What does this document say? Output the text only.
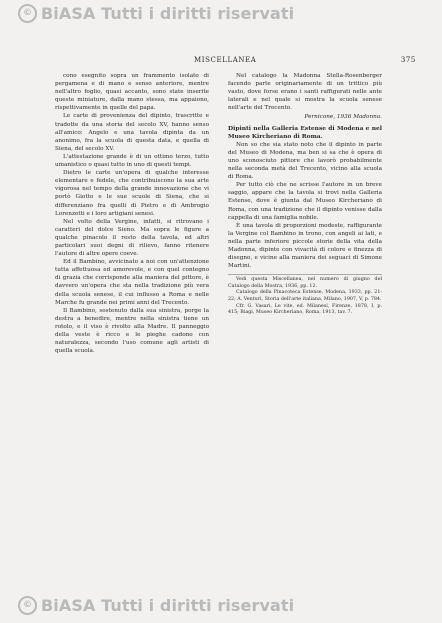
© BiASA Tutti i diritti riservati
MISCELLANEA	375

cono esegnito sopra un frammento isolato di pergamena e di mano e senso anteriore, mentre nell'altro foglio, quasi accanto, sono state inserite queste miniature, dalla mano stessa, ma appaiono, rispettivamente in quelle del papa.

Le carte di provenienza del dipinto, trascritte e tradotte da una storia del secolo XV, hanno senso all'amico: Angelo e una tavola dipinta da un anonimo, fra la scuola di questa data, e quella di Siena, del secolo XV.

L'attestazione grande è di un ottimo terzo, tutto umanistico o quasi tutto in uno di questi tempi.

Dietro le carte un'opera di qualche interesse elementare e fedele, che contribuiscono la sua arte vigorosa nel tempo della grande innovazione che vi portò Giotto e le sue scuole di Siena, che si differenziano fra quelli di Pietro e di Ambrogio Lorenzetti e i loro artigiani senesi.

Nel volto della Vergine, infatti, si ritrovano i caratteri del dolce Sieno. Ma sopra le figure a qualche pinacolo il resto della tavola, ed altri particolari suoi degni di rilievo, fanno ritenere l'autore di altre opere coeve.

Ed il Bambino, avvicinato a noi con un'attenzione tutta affettuosa ed amorevole, e con quel contegno di grazia che corrisponde alla maniera del pittore, è davvero un'opera che sta nella tradizione più vera della scuola senese, il cui influsso a Roma e nelle Marche fu grande nei primi anni del Trecento.

Il Bambino, sostenuto dalla sua sinistra, porge la destra a benedire, mentre nella sinistra tiene un rotolo, e il viso è rivolto alla Madre. Il panneggio della veste è ricco e le pieghe cadono con naturalezza, secondo l'uso comune agli artisti di quella scuola.

Nel catalogo la Madonna Stella-Rosenberger facendo parte originariamente di un trittico più vasto, dove forse erano i santi raffigurati nelle ante laterali e nel quale si mostra la scuola senese nell'arte del Trecento.

Pernicone, 1936 Madonna.
Dipinti nella Galleria Estense di Modena e nel Museo Kircheriano di Roma.

Non so che sia stato noto che il dipinto in parte del Museo di Modena, ma ben si sa che è opera di uno sconosciuto pittore che lavorò probabilmente nella seconda metà del Trecento, vicino alla scuola di Roma.

Per tutto ciò che ne scrisse l'autore in un breve saggio, appare che la tavola si trovi nella Galleria Estense, dove è giunta dal Museo Kircheriano di Roma, con una tradizione che il dipinto venisse dalla cappella di una famiglia nobile.

È una tavola di proporzioni modeste, raffigurante la Vergine col Bambino in trono, con angeli ai lati, e nella parte inferiore piccole storie della vita della Madonna, dipinte con vivacità di colore e finezza di disegno, e vicine alla maniera dei seguaci di Simone Martini.

Vedi questa Miscellanea, nel numero di giugno del Catalogo della Mostra, 1936, pp. 12.

Catalogo della Pinacoteca Estense, Modena, 1933, pp. 21-22; A. Venturi, Storia dell'arte italiana, Milano, 1907, V, p. 784.

Cfr. G. Vasari, Le vite, ed. Milanesi, Firenze, 1878, I, p. 415; Biagi, Museo Kircheriano, Roma, 1913, tav. 7.

© BiASA Tutti i diritti riservati
